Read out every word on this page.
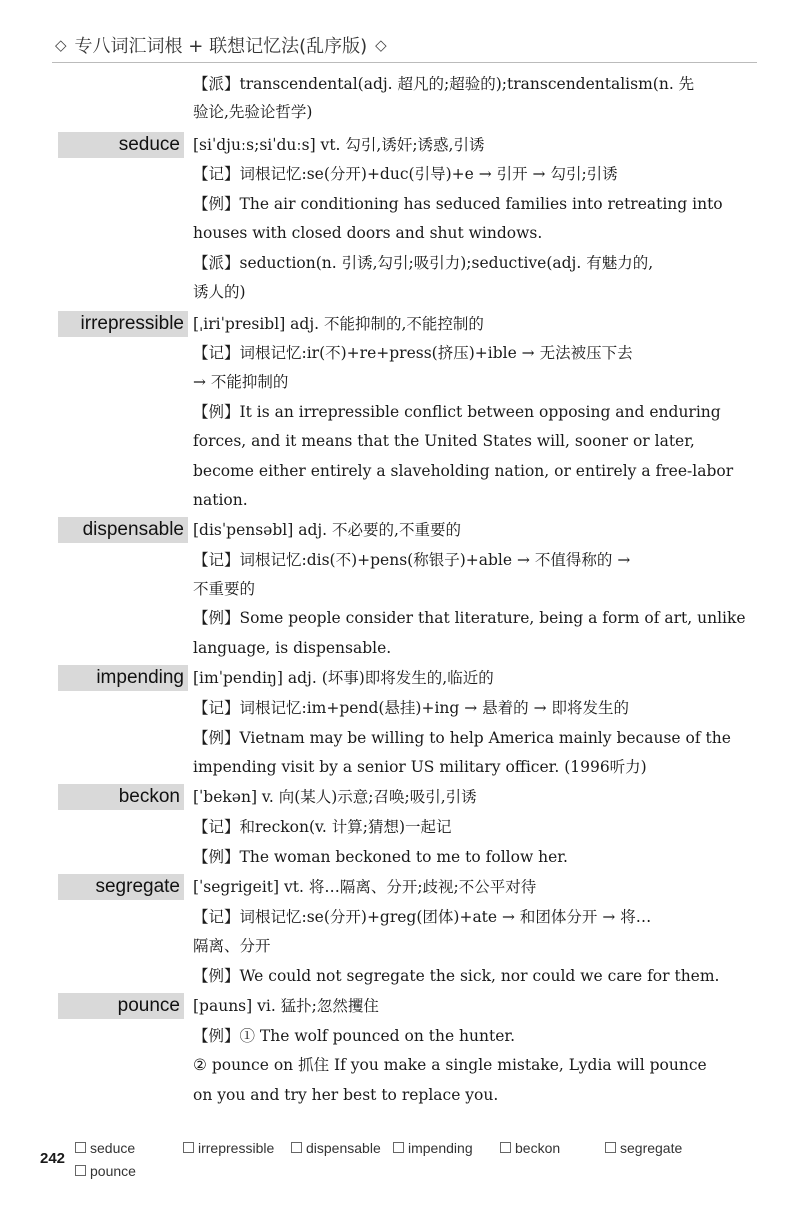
◇ 专八词汇词根 + 联想记忆法(乱序版) ◇
【派】transcendental(adj. 超凡的;超验的);transcendentalism(n. 先
验论,先验论哲学)
seduce [siˈdjuːs;siˈduːs] vt. 勾引,诱奸;诱惑,引诱
【记】词根记忆:se(分开)+duc(引导)+e → 引开 → 勾引;引诱
【例】The air conditioning has seduced families into retreating into
houses with closed doors and shut windows.
【派】seduction(n. 引诱,勾引;吸引力);seductive(adj. 有魅力的,
诱人的)
irrepressible [ˌiriˈpresibl] adj. 不能抑制的,不能控制的
【记】词根记忆:ir(不)+re+press(挤压)+ible → 无法被压下去
→ 不能抑制的
【例】It is an irrepressible conflict between opposing and enduring
forces, and it means that the United States will, sooner or later,
become either entirely a slaveholding nation, or entirely a free-labor
nation.
dispensable [disˈpensəbl] adj. 不必要的,不重要的
【记】词根记忆:dis(不)+pens(称银子)+able → 不值得称的 →
不重要的
【例】Some people consider that literature, being a form of art, unlike
language, is dispensable.
impending [imˈpendiŋ] adj. (坏事)即将发生的,临近的
【记】词根记忆:im+pend(悬挂)+ing → 悬着的 → 即将发生的
【例】Vietnam may be willing to help America mainly because of the
impending visit by a senior US military officer. (1996听力)
beckon [ˈbekən] v. 向(某人)示意;召唤;吸引,引诱
【记】和reckon(v. 计算;猜想)一起记
【例】The woman beckoned to me to follow her.
segregate [ˈsegrigeit] vt. 将…隔离、分开;歧视;不公平对待
【记】词根记忆:se(分开)+greg(团体)+ate → 和团体分开 → 将…
隔离、分开
【例】We could not segregate the sick, nor could we care for them.
pounce [pauns] vi. 猛扑;忽然攫住
【例】① The wolf pounced on the hunter.
② pounce on 抓住 If you make a single mistake, Lydia will pounce
on you and try her best to replace you.
242
seduce	irrepressible	dispensable	impending	beckon	segregate
pounce
